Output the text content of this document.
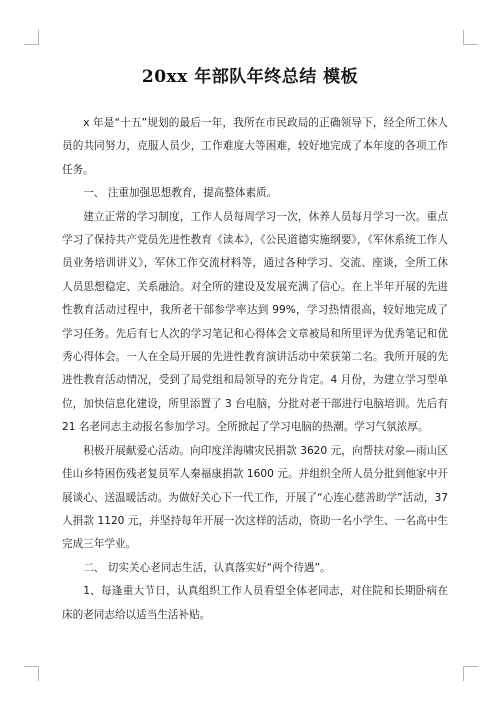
20xx 年部队年终总结 模板

x 年是“十五”规划的最后一年，我所在市民政局的正确领导下，经全所工休人员的共同努力，克服人员少，工作难度大等困难，较好地完成了本年度的各项工作任务。

一、 注重加强思想教育，提高整体素质。

建立正常的学习制度，工作人员每周学习一次，休养人员每月学习一次。重点学习了保持共产党员先进性教育《读本》，《公民道德实施纲要》，《军休系统工作人员业务培训讲义》，军休工作交流材料等，通过各种学习、交流、座谈，全所工休人员思想稳定、关系融洽。对全所的建设及发展充满了信心。在上半年开展的先进性教育活动过程中，我所老干部参学率达到 99%，学习热情很高，较好地完成了学习任务。先后有七人次的学习笔记和心得体会文章被局和所里评为优秀笔记和优秀心得体会。一人在全局开展的先进性教育演讲活动中荣获第二名。我所开展的先进性教育活动情况，受到了局党组和局领导的充分肯定。4 月份，为建立学习型单位，加快信息化建设，所里添置了 3 台电脑，分批对老干部进行电脑培训。先后有 21 名老同志主动报名参加学习。全所掀起了学习电脑的热潮。学习气氛浓厚。

积极开展献爱心活动。向印度洋海啸灾民捐款 3620 元，向帮扶对象—雨山区佳山乡特困伤残老复员军人秦福康捐款 1600 元。并组织全所人员分批到他家中开展谈心、送温暖活动。为做好关心下一代工作，开展了“心连心慈善助学”活动，37 人捐款 1120 元，并坚持每年开展一次这样的活动，资助一名小学生、一名高中生完成三年学业。

二、 切实关心老同志生活，认真落实好“两个待遇”。

1、每逢重大节日，认真组织工作人员看望全体老同志，对住院和长期卧病在床的老同志给以适当生活补贴。
